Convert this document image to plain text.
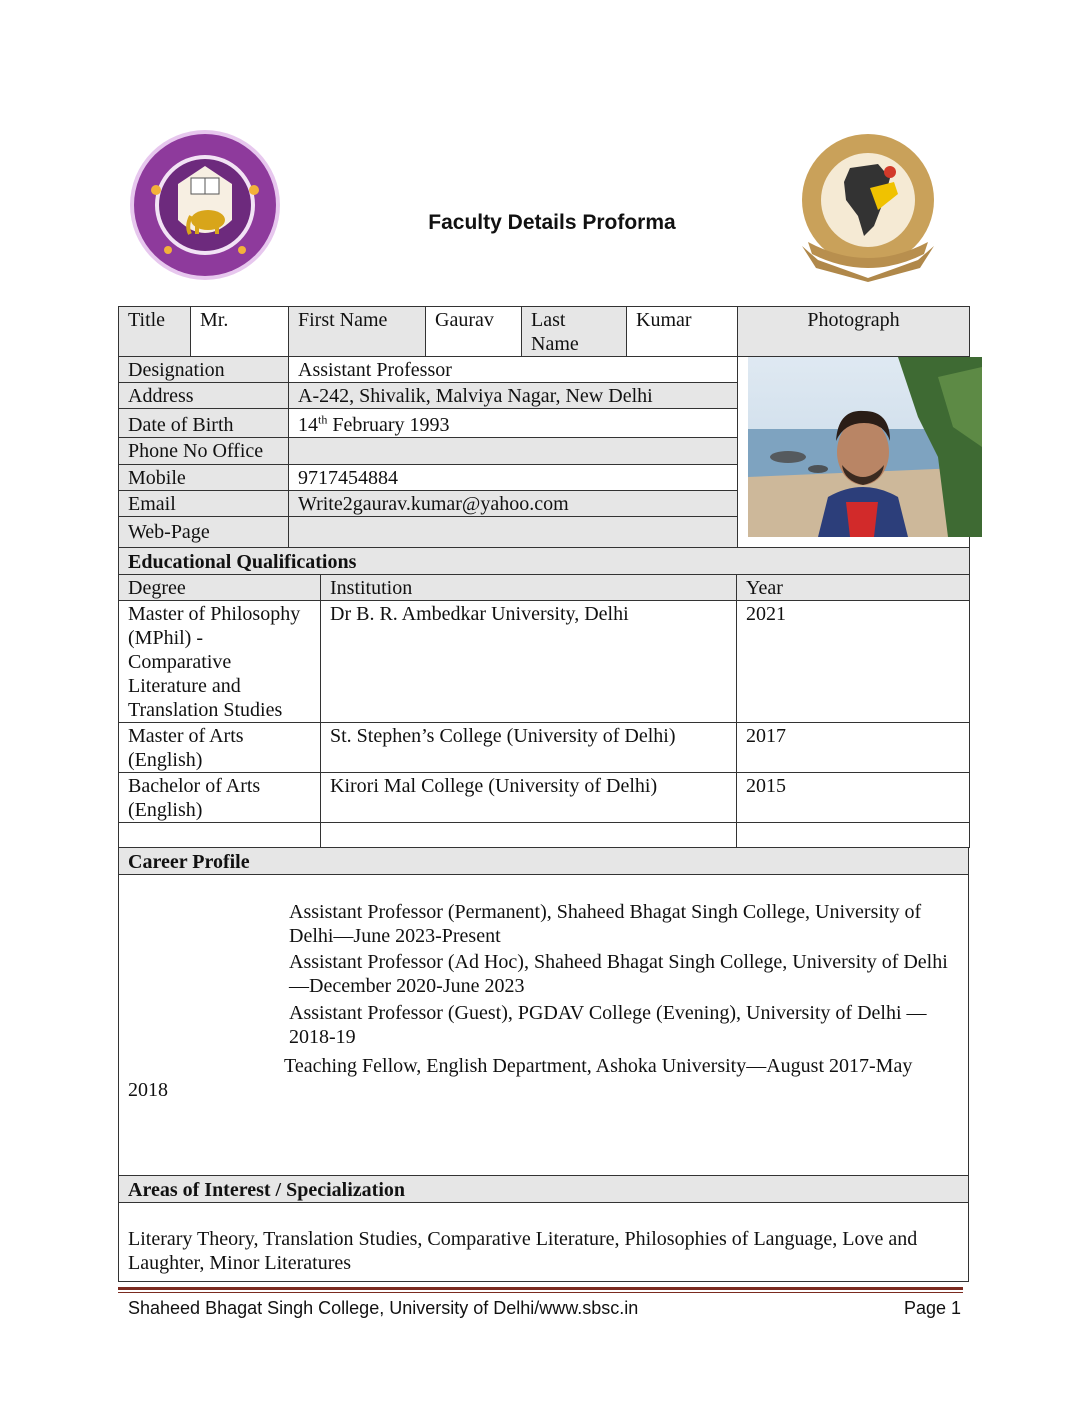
Faculty Details Proforma
Title	Mr.	First Name	Gaurav	Last Name	Kumar	Photograph
Designation		Assistant Professor	

Address		A-242, Shivalik, Malviya Nagar, New Delhi				
Date of Birth		14th February 1993				
Phone No Office						
Mobile		9717454884				
Email		Write2gaurav.kumar@yahoo.com				
Web-Page						
Educational Qualifications		
Degree	Institution	Year
Master of Philosophy (MPhil) - Comparative Literature and Translation Studies	Dr B. R. Ambedkar University, Delhi	2021
Master of Arts (English)	St. Stephen’s College (University of Delhi)	2017
Bachelor of Arts (English)	Kirori Mal College (University of Delhi)	2015

Career Profile

Assistant Professor (Permanent), Shaheed Bhagat Singh College, University of Delhi—June 2023-Present
Assistant Professor (Ad Hoc), Shaheed Bhagat Singh College, University of Delhi—December 2020-June 2023
Assistant Professor (Guest), PGDAV College (Evening), University of Delhi —2018-19
Teaching Fellow, English Department, Ashoka University—August 2017-May
2018
Areas of Interest / Specialization
Literary Theory, Translation Studies, Comparative Literature, Philosophies of Language, Love and Laughter, Minor Literatures
Shaheed Bhagat Singh College, University of Delhi/www.sbsc.in	Page 1
